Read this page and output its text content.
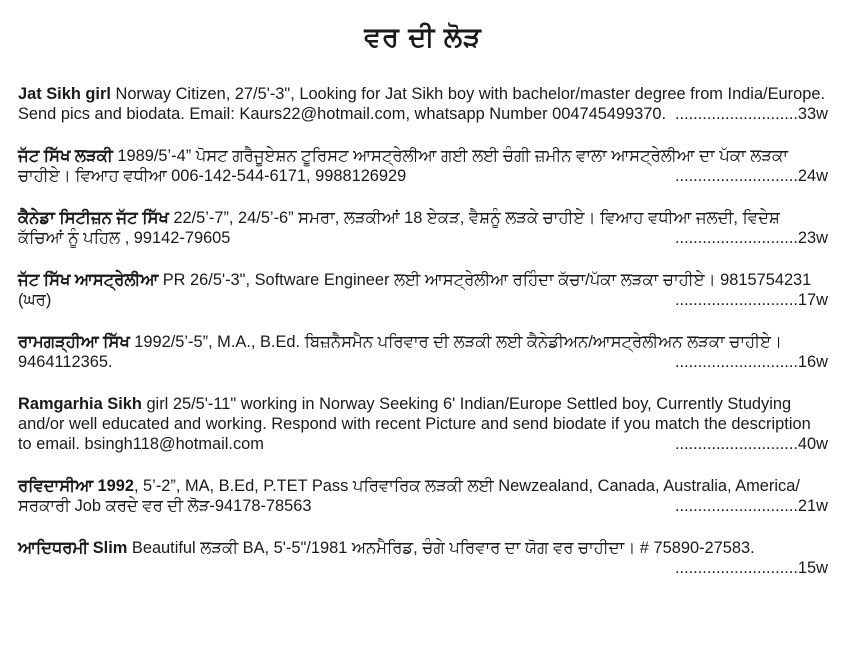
ਵਰ ਦੀ ਲੋੜ

Jat Sikh girl Norway Citizen, 27/5'-3", Looking for Jat Sikh boy with bachelor/master degree from India/Europe. Send pics and biodata. Email: Kaurs22@hotmail.com, whatsapp Number 004745499370. ...........................33w

ਜੱਟ ਸਿੱਖ ਲੜਕੀ 1989/5’-4” ਪੋਸਟ ਗਰੈਜੂਏਸ਼ਨ ਟੂਰਿਸਟ ਆਸਟ੍ਰੇਲੀਆ ਗਈ ਲਈ ਚੰਗੀ ਜ਼ਮੀਨ ਵਾਲਾ ਆਸਟ੍ਰੇਲੀਆ ਦਾ ਪੱਕਾ ਲੜਕਾ ਚਾਹੀਏ। ਵਿਆਹ ਵਧੀਆ 006-142-544-6171, 9988126929	...........................24w

ਕੈਨੇਡਾ ਸਿਟੀਜ਼ਨ ਜੱਟ ਸਿੱਖ 22/5’-7”, 24/5’-6” ਸਮਰਾ, ਲੜਕੀਆਂ 18 ਏਕੜ, ਵੈਸ਼ਨੂੰ ਲੜਕੇ ਚਾਹੀਏ। ਵਿਆਹ ਵਧੀਆ ਜਲਦੀ, ਵਿਦੇਸ਼ ਕੱਚਿਆਂ ਨੂੰ ਪਹਿਲ , 99142-79605	...........................23w

ਜੱਟ ਸਿੱਖ ਆਸਟ੍ਰੇਲੀਆ PR 26/5'-3", Software Engineer ਲਈ ਆਸਟ੍ਰੇਲੀਆ ਰਹਿੰਦਾ ਕੱਚਾ/ਪੱਕਾ ਲੜਕਾ ਚਾਹੀਏ। 9815754231 (ਘਰ)	...........................17w

ਰਾਮਗੜ੍ਹੀਆ ਸਿੱਖ 1992/5’-5”, M.A., B.Ed. ਬਿਜ਼ਨੈਸਮੈਨ ਪਰਿਵਾਰ ਦੀ ਲੜਕੀ ਲਈ ਕੈਨੇਡੀਅਨ/ਆਸਟ੍ਰੇਲੀਅਨ ਲੜਕਾ ਚਾਹੀਏ। 9464112365.	...........................16w

Ramgarhia Sikh girl 25/5'-11" working in Norway Seeking 6' Indian/Europe Settled boy, Currently Studying and/or well educated and working. Respond with recent Picture and send biodate if you match the description to email. bsingh118@hotmail.com	...........................40w

ਰਵਿਦਾਸੀਆ 1992, 5’-2”, MA, B.Ed, P.TET Pass ਪਰਿਵਾਰਿਕ ਲੜਕੀ ਲਈ Newzealand, Canada, Australia, America/ ਸਰਕਾਰੀ Job ਕਰਦੇ ਵਰ ਦੀ ਲੋੜ-94178-78563	...........................21w

ਆਦਿਧਰਮੀ Slim Beautiful ਲੜਕੀ BA, 5'-5"/1981 ਅਨਮੈਰਿਡ, ਚੰਗੇ ਪਰਿਵਾਰ ਦਾ ਯੋਗ ਵਰ ਚਾਹੀਦਾ। # 75890-27583.
...........................15w
